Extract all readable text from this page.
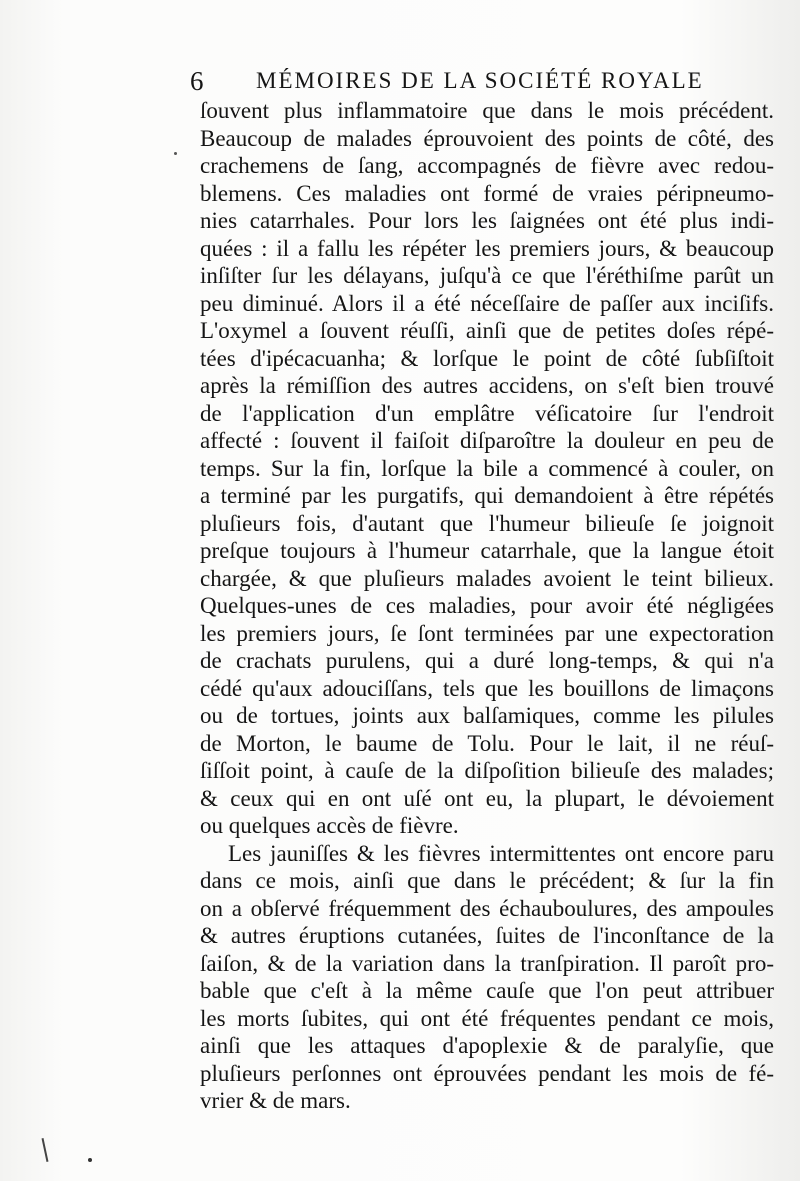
6 MÉMOIRES DE LA SOCIÉTÉ ROYALE
ſouvent plus inflammatoire que dans le mois précédent.
Beaucoup de malades éprouvoient des points de côté, des
crachemens de ſang, accompagnés de fièvre avec redou-
blemens. Ces maladies ont formé de vraies péripneumo-
nies catarrhales. Pour lors les ſaignées ont été plus indi-
quées : il a fallu les répéter les premiers jours, & beaucoup
inſiſter ſur les délayans, juſqu'à ce que l'éréthiſme parût un
peu diminué. Alors il a été néceſſaire de paſſer aux inciſifs.
L'oxymel a ſouvent réuſſi, ainſi que de petites doſes répé-
tées d'ipécacuanha; & lorſque le point de côté ſubſiſtoit
après la rémiſſion des autres accidens, on s'eſt bien trouvé
de l'application d'un emplâtre véſicatoire ſur l'endroit
affecté : ſouvent il faiſoit diſparoître la douleur en peu de
temps. Sur la fin, lorſque la bile a commencé à couler, on
a terminé par les purgatifs, qui demandoient à être répétés
pluſieurs fois, d'autant que l'humeur bilieuſe ſe joignoit
preſque toujours à l'humeur catarrhale, que la langue étoit
chargée, & que pluſieurs malades avoient le teint bilieux.
Quelques-unes de ces maladies, pour avoir été négligées
les premiers jours, ſe ſont terminées par une expectoration
de crachats purulens, qui a duré long-temps, & qui n'a
cédé qu'aux adouciſſans, tels que les bouillons de limaçons
ou de tortues, joints aux balſamiques, comme les pilules
de Morton, le baume de Tolu. Pour le lait, il ne réuſ-
ſiſſoit point, à cauſe de la diſpoſition bilieuſe des malades;
& ceux qui en ont uſé ont eu, la plupart, le dévoiement
ou quelques accès de fièvre.
Les jauniſſes & les fièvres intermittentes ont encore paru
dans ce mois, ainſi que dans le précédent; & ſur la fin
on a obſervé fréquemment des échauboulures, des ampoules
& autres éruptions cutanées, ſuites de l'inconſtance de la
ſaiſon, & de la variation dans la tranſpiration. Il paroît pro-
bable que c'eſt à la même cauſe que l'on peut attribuer
les morts ſubites, qui ont été fréquentes pendant ce mois,
ainſi que les attaques d'apoplexie & de paralyſie, que
pluſieurs perſonnes ont éprouvées pendant les mois de fé-
vrier & de mars.
